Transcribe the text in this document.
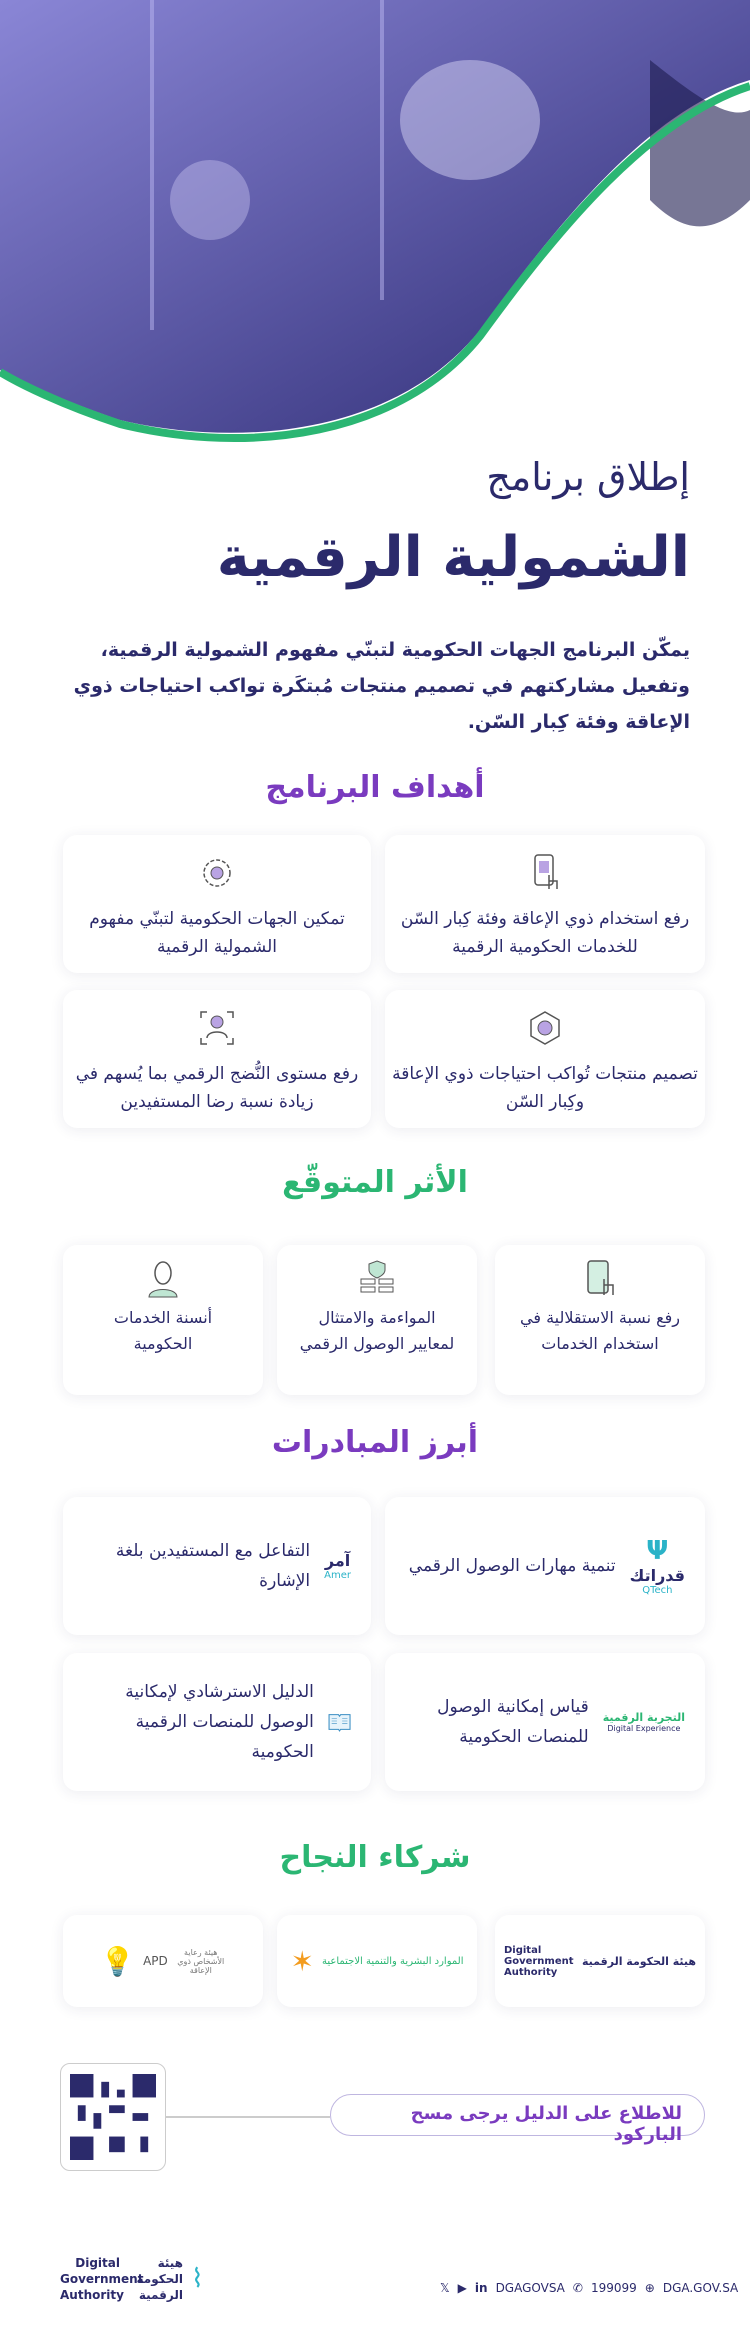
إطلاق برنامج
الشمولية الرقمية
يمكّن البرنامج الجهات الحكومية لتبنّي مفهوم الشمولية الرقمية، وتفعيل مشاركتهم في تصميم منتجات مُبتكَرة تواكب احتياجات ذوي الإعاقة وفئة كِبار السّن.
أهداف البرنامج
رفع استخدام ذوي الإعاقة وفئة كِبار السّن للخدمات الحكومية الرقمية
تمكين الجهات الحكومية لتبنّي مفهوم الشمولية الرقمية
تصميم منتجات تُواكب احتياجات ذوي الإعاقة وكِبار السّن
رفع مستوى النُّضج الرقمي بما يُسهم في زيادة نسبة رضا المستفيدين
الأثر المتوقّع
رفع نسبة الاستقلالية في استخدام الخدمات
المواءمة والامتثال لمعايير الوصول الرقمي
أنسنة الخدمات الحكومية
أبرز المبادرات
Ψ
قدراتك
QTech
تنمية مهارات الوصول الرقمي
آمر
Amer
التفاعل مع المستفيدين بلغة الإشارة
التجربة الرقمية
Digital Experience
قياس إمكانية الوصول للمنصات الحكومية
الدليل الاسترشادي لإمكانية الوصول للمنصات الرقمية الحكومية
شركاء النجاح
هيئة الحكومة الرقمية
Digital Government Authority
الموارد البشرية والتنمية الاجتماعية
✶
هيئة رعاية الأشخاص ذوي الإعاقة
APD
💡
للاطلاع على الدليل يرجى مسح الباركود
Digital Government Authority
هيئة الحكومة الرقمية
⌇	𝕏 ▶ in DGAGOVSA ✆ 199099 ⊕ DGA.GOV.SA
